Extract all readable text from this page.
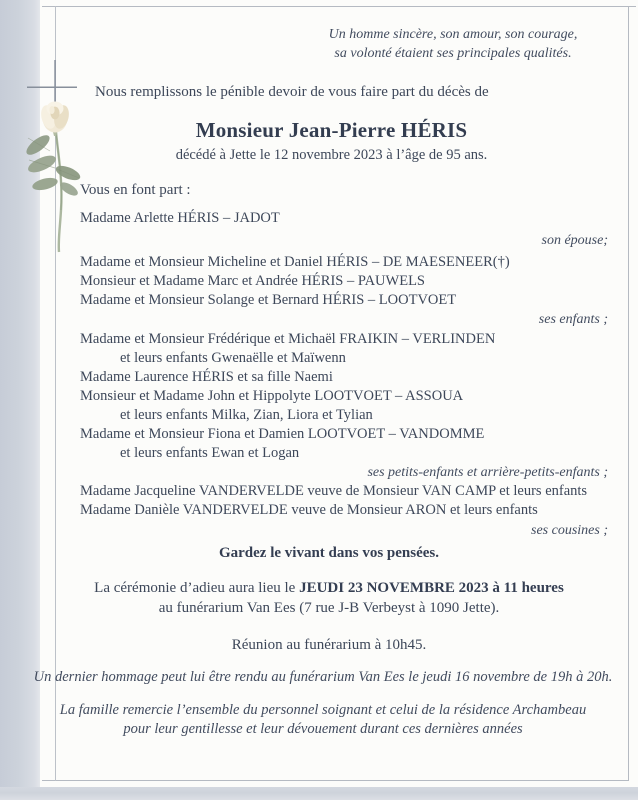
Un homme sincère, son amour, son courage,
sa volonté étaient ses principales qualités.
Nous remplissons le pénible devoir de vous faire part du décès de
Monsieur Jean-Pierre HÉRIS
décédé à Jette le 12 novembre 2023 à l’âge de 95 ans.
Vous en font part :
Madame Arlette HÉRIS – JADOT
son épouse;
Madame et Monsieur Micheline et Daniel HÉRIS – DE MAESENEER(†)
Monsieur et Madame Marc et Andrée HÉRIS – PAUWELS
Madame et Monsieur Solange et Bernard HÉRIS – LOOTVOET
ses enfants ;
Madame et Monsieur Frédérique et Michaël FRAIKIN – VERLINDEN
et leurs enfants Gwenaëlle et Maïwenn
Madame Laurence HÉRIS et sa fille Naemi
Monsieur et Madame John et Hippolyte LOOTVOET – ASSOUA
et leurs enfants Milka, Zian, Liora et Tylian
Madame et Monsieur Fiona et Damien LOOTVOET – VANDOMME
et leurs enfants Ewan et Logan
ses petits-enfants et arrière-petits-enfants ;
Madame Jacqueline VANDERVELDE veuve de Monsieur VAN CAMP et leurs enfants
Madame Danièle VANDERVELDE veuve de Monsieur ARON et leurs enfants
ses cousines ;
Gardez le vivant dans vos pensées.
La cérémonie d’adieu aura lieu le JEUDI 23 NOVEMBRE 2023 à 11 heures
au funérarium Van Ees (7 rue J-B Verbeyst à 1090 Jette).
Réunion au funérarium à 10h45.
Un dernier hommage peut lui être rendu au funérarium Van Ees le jeudi 16 novembre de 19h à 20h.
La famille remercie l’ensemble du personnel soignant et celui de la résidence Archambeau
pour leur gentillesse et leur dévouement durant ces dernières années
